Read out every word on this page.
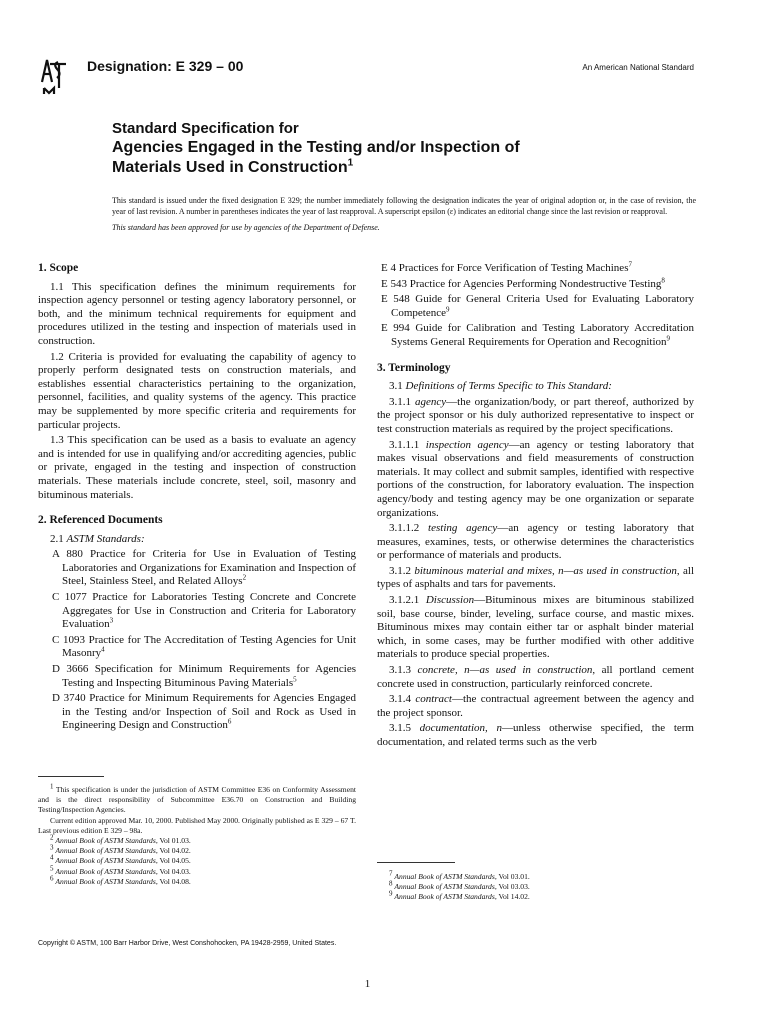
Designation: E 329 – 00	An American National Standard
Standard Specification for
Agencies Engaged in the Testing and/or Inspection of
Materials Used in Construction$^1$
This standard is issued under the fixed designation E 329; the number immediately following the designation indicates the year of original adoption or, in the case of revision, the year of last revision. A number in parentheses indicates the year of last reapproval. A superscript epsilon (ε) indicates an editorial change since the last revision or reapproval.
This standard has been approved for use by agencies of the Department of Defense.
1. Scope
1.1 This specification defines the minimum requirements for inspection agency personnel or testing agency laboratory personnel, or both, and the minimum technical requirements for equipment and procedures utilized in the testing and inspection of materials used in construction.
1.2 Criteria is provided for evaluating the capability of agency to properly perform designated tests on construction materials, and establishes essential characteristics pertaining to the organization, personnel, facilities, and quality systems of the agency. This practice may be supplemented by more specific criteria and requirements for particular projects.
1.3 This specification can be used as a basis to evaluate an agency and is intended for use in qualifying and/or accrediting agencies, public or private, engaged in the testing and inspection of construction materials. These materials include concrete, steel, soil, masonry and bituminous materials.
2. Referenced Documents
2.1 ASTM Standards:
A 880 Practice for Criteria for Use in Evaluation of Testing Laboratories and Organizations for Examination and Inspection of Steel, Stainless Steel, and Related Alloys$^2$
C 1077 Practice for Laboratories Testing Concrete and Concrete Aggregates for Use in Construction and Criteria for Laboratory Evaluation$^3$
C 1093 Practice for The Accreditation of Testing Agencies for Unit Masonry$^4$
D 3666 Specification for Minimum Requirements for Agencies Testing and Inspecting Bituminous Paving Materials$^5$
D 3740 Practice for Minimum Requirements for Agencies Engaged in the Testing and/or Inspection of Soil and Rock as Used in Engineering Design and Construction$^6$
E 4 Practices for Force Verification of Testing Machines$^7$
E 543 Practice for Agencies Performing Nondestructive Testing$^8$
E 548 Guide for General Criteria Used for Evaluating Laboratory Competence$^9$
E 994 Guide for Calibration and Testing Laboratory Accreditation Systems General Requirements for Operation and Recognition$^9$
3. Terminology
3.1 Definitions of Terms Specific to This Standard:
3.1.1 agency—the organization/body, or part thereof, authorized by the project sponsor or his duly authorized representative to inspect or test construction materials as required by the project specifications.
3.1.1.1 inspection agency—an agency or testing laboratory that makes visual observations and field measurements of construction materials. It may collect and submit samples, identified with respective portions of the construction, for laboratory evaluation. The inspection agency/body and testing agency may be one organization or separate organizations.
3.1.1.2 testing agency—an agency or testing laboratory that measures, examines, tests, or otherwise determines the characteristics or performance of materials and products.
3.1.2 bituminous material and mixes, n—as used in construction, all types of asphalts and tars for pavements.
3.1.2.1 Discussion—Bituminous mixes are bituminous stabilized soil, base course, binder, leveling, surface course, and mastic mixes. Bituminous mixes may contain either tar or asphalt binder material which, in some cases, may be further modified with other additive materials to produce special properties.
3.1.3 concrete, n—as used in construction, all portland cement concrete used in construction, particularly reinforced concrete.
3.1.4 contract—the contractual agreement between the agency and the project sponsor.
3.1.5 documentation, n—unless otherwise specified, the term documentation, and related terms such as the verb
$^1$ This specification is under the jurisdiction of ASTM Committee E36 on Conformity Assessment and is the direct responsibility of Subcommittee E36.70 on Construction and Building Testing/Inspection Agencies.
Current edition approved Mar. 10, 2000. Published May 2000. Originally published as E 329 – 67 T. Last previous edition E 329 – 98a.
$^2$ Annual Book of ASTM Standards, Vol 01.03.
$^3$ Annual Book of ASTM Standards, Vol 04.02.
$^4$ Annual Book of ASTM Standards, Vol 04.05.
$^5$ Annual Book of ASTM Standards, Vol 04.03.
$^6$ Annual Book of ASTM Standards, Vol 04.08.
$^7$ Annual Book of ASTM Standards, Vol 03.01.
$^8$ Annual Book of ASTM Standards, Vol 03.03.
$^9$ Annual Book of ASTM Standards, Vol 14.02.
Copyright © ASTM, 100 Barr Harbor Drive, West Conshohocken, PA 19428-2959, United States.
1
